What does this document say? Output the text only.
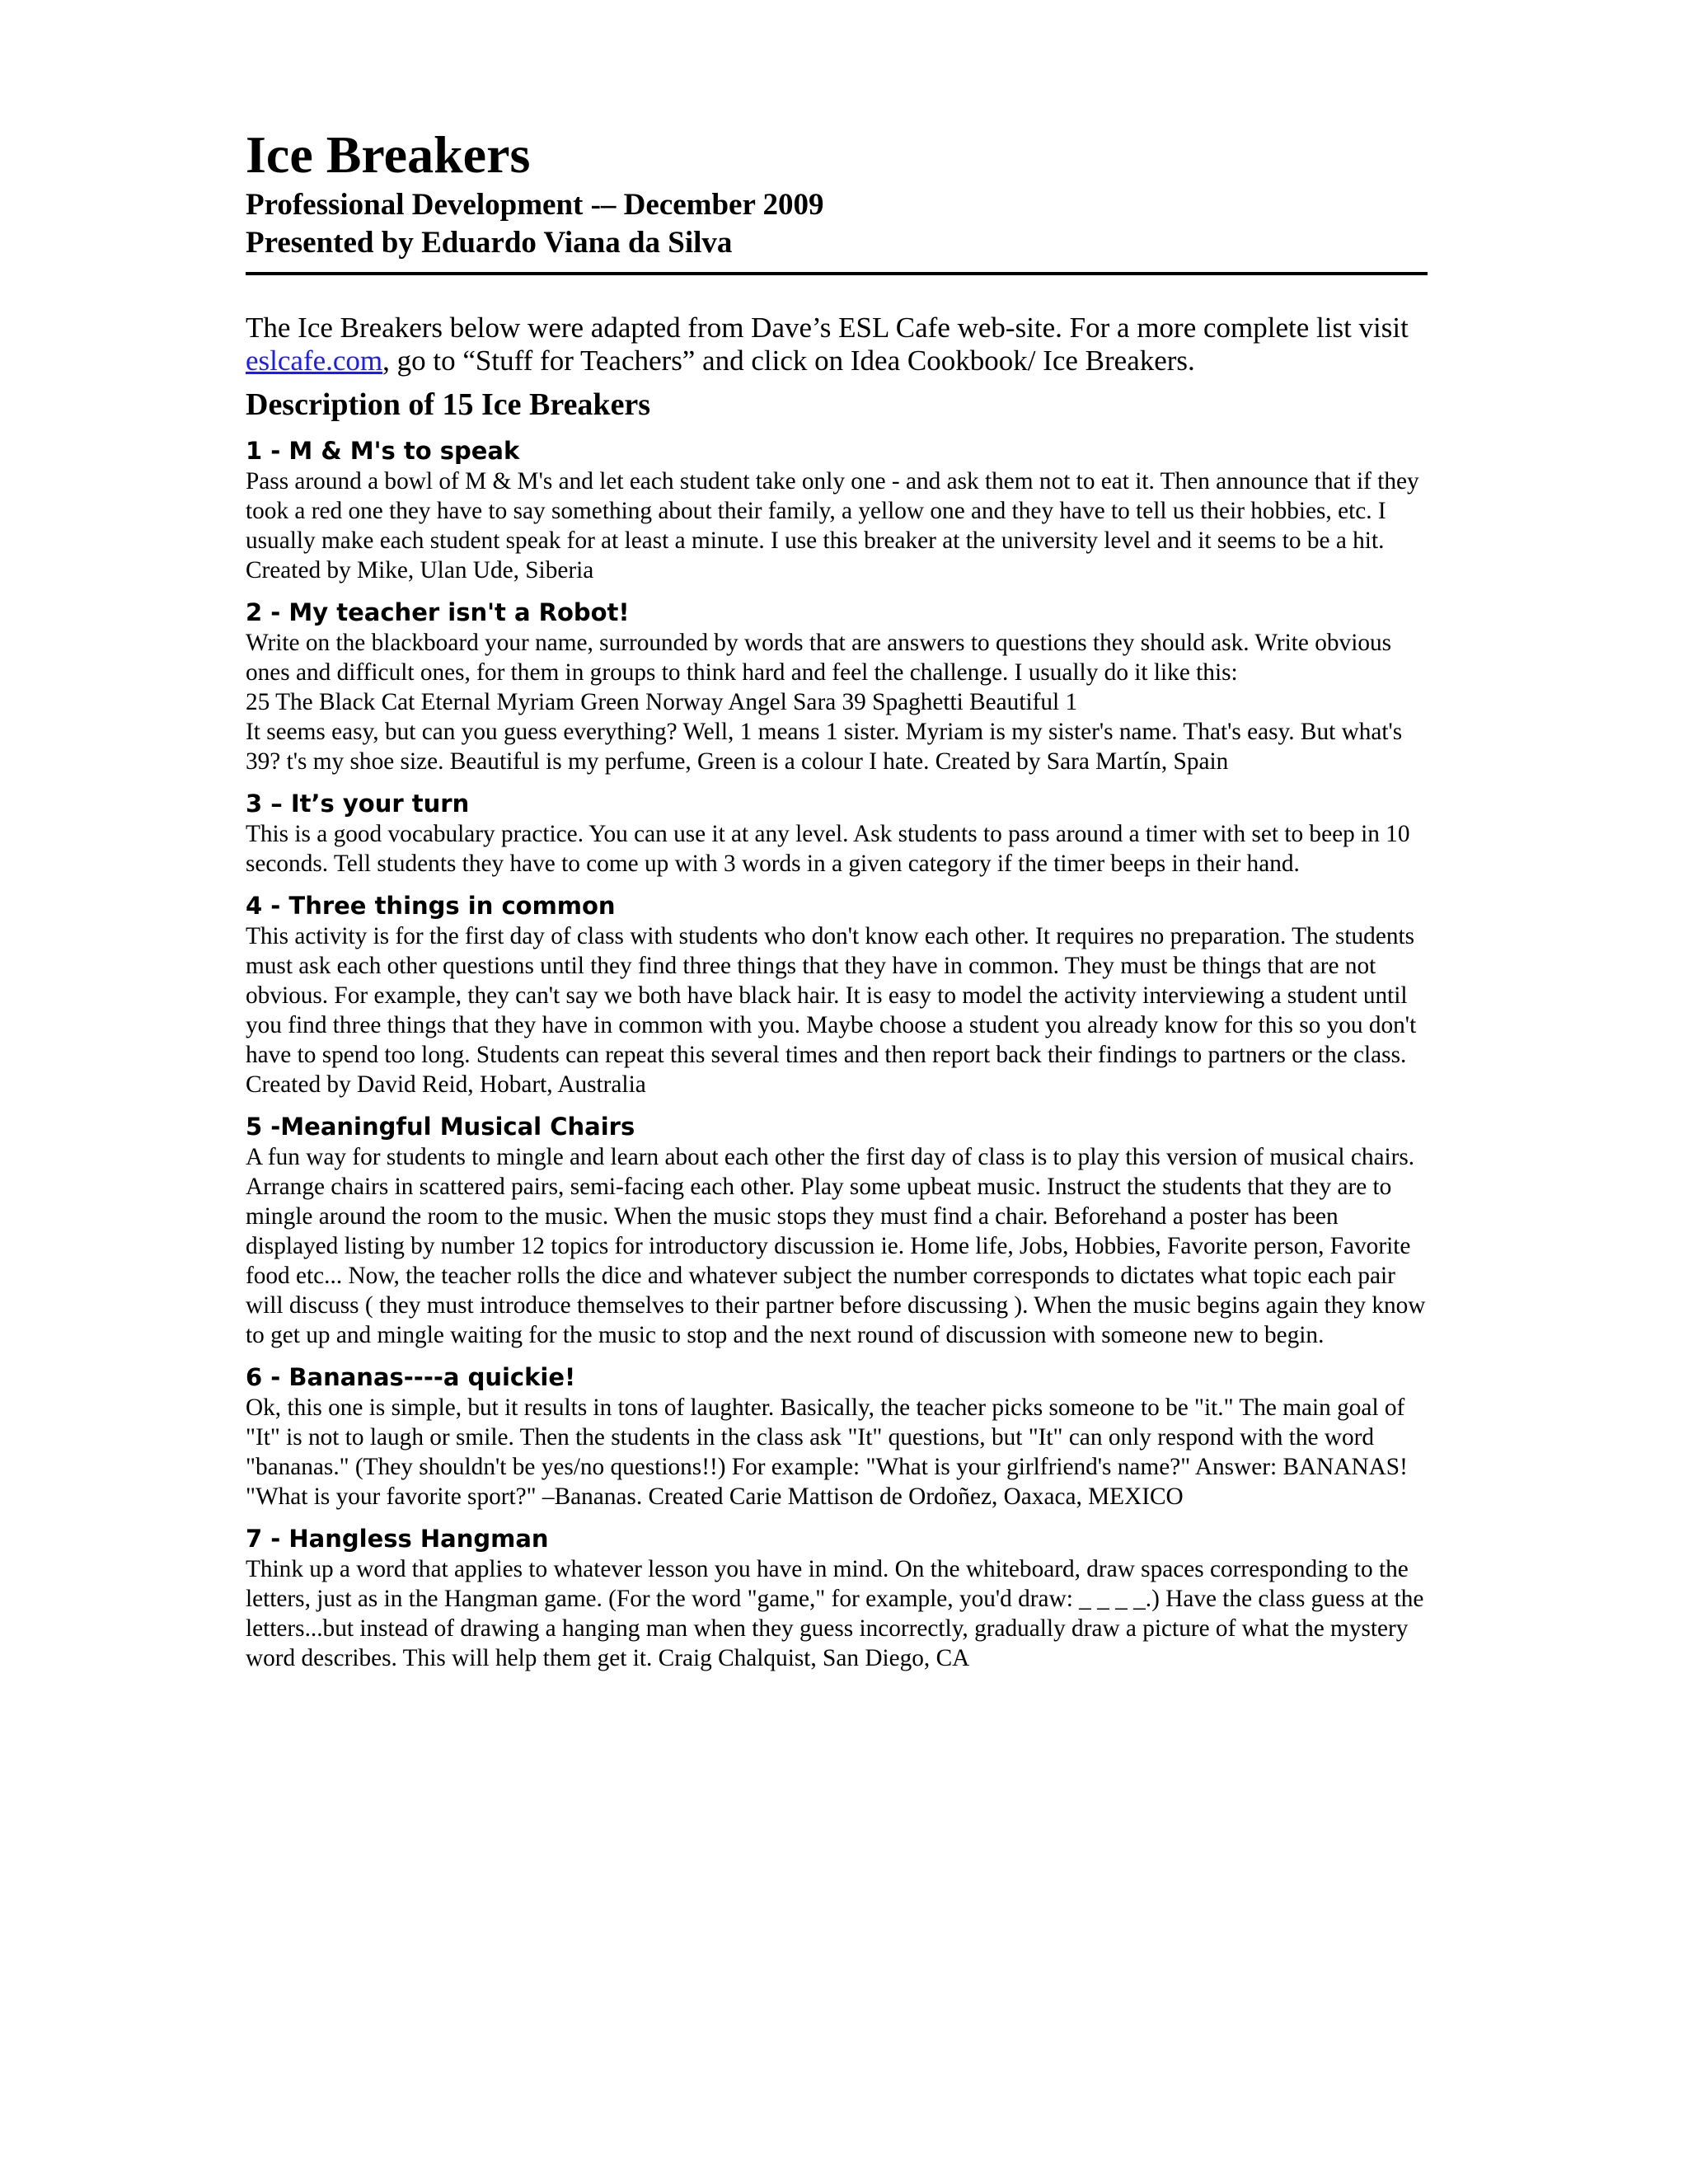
Ice Breakers
Professional Development -– December 2009
Presented by Eduardo Viana da Silva
The Ice Breakers below were adapted from Dave’s ESL Cafe web-site. For a more complete list visit eslcafe.com, go to “Stuff for Teachers” and click on Idea Cookbook/ Ice Breakers.
Description of 15 Ice Breakers
1 - M & M's to speak

Pass around a bowl of M & M's and let each student take only one - and ask them not to eat it. Then announce that if they took a red one they have to say something about their family, a yellow one and they have to tell us their hobbies, etc. I usually make each student speak for at least a minute. I use this breaker at the university level and it seems to be a hit. Created by Mike, Ulan Ude, Siberia

2 - My teacher isn't a Robot!

Write on the blackboard your name, surrounded by words that are answers to questions they should ask. Write obvious ones and difficult ones, for them in groups to think hard and feel the challenge. I usually do it like this:

25 The Black Cat Eternal Myriam Green Norway Angel Sara 39 Spaghetti Beautiful 1

It seems easy, but can you guess everything? Well, 1 means 1 sister. Myriam is my sister's name. That's easy. But what's 39? t's my shoe size. Beautiful is my perfume, Green is a colour I hate. Created by Sara Martín, Spain

3 – It’s your turn

This is a good vocabulary practice. You can use it at any level. Ask students to pass around a timer with set to beep in 10 seconds. Tell students they have to come up with 3 words in a given category if the timer beeps in their hand.

4 - Three things in common

This activity is for the first day of class with students who don't know each other. It requires no preparation. The students must ask each other questions until they find three things that they have in common. They must be things that are not obvious. For example, they can't say we both have black hair. It is easy to model the activity interviewing a student until you find three things that they have in common with you. Maybe choose a student you already know for this so you don't have to spend too long. Students can repeat this several times and then report back their findings to partners or the class. Created by David Reid, Hobart, Australia

5 -Meaningful Musical Chairs

A fun way for students to mingle and learn about each other the first day of class is to play this version of musical chairs. Arrange chairs in scattered pairs, semi-facing each other. Play some upbeat music. Instruct the students that they are to mingle around the room to the music. When the music stops they must find a chair. Beforehand a poster has been displayed listing by number 12 topics for introductory discussion ie. Home life, Jobs, Hobbies, Favorite person, Favorite food etc... Now, the teacher rolls the dice and whatever subject the number corresponds to dictates what topic each pair will discuss ( they must introduce themselves to their partner before discussing ). When the music begins again they know to get up and mingle waiting for the music to stop and the next round of discussion with someone new to begin.

6 - Bananas----a quickie!

Ok, this one is simple, but it results in tons of laughter. Basically, the teacher picks someone to be "it." The main goal of "It" is not to laugh or smile. Then the students in the class ask "It" questions, but "It" can only respond with the word "bananas." (They shouldn't be yes/no questions!!) For example: "What is your girlfriend's name?" Answer: BANANAS!

"What is your favorite sport?" –Bananas. Created Carie Mattison de Ordoñez, Oaxaca, MEXICO

7 - Hangless Hangman

Think up a word that applies to whatever lesson you have in mind. On the whiteboard, draw spaces corresponding to the letters, just as in the Hangman game. (For the word "game," for example, you'd draw: _ _ _ _.) Have the class guess at the letters...but instead of drawing a hanging man when they guess incorrectly, gradually draw a picture of what the mystery word describes. This will help them get it. Craig Chalquist, San Diego, CA
